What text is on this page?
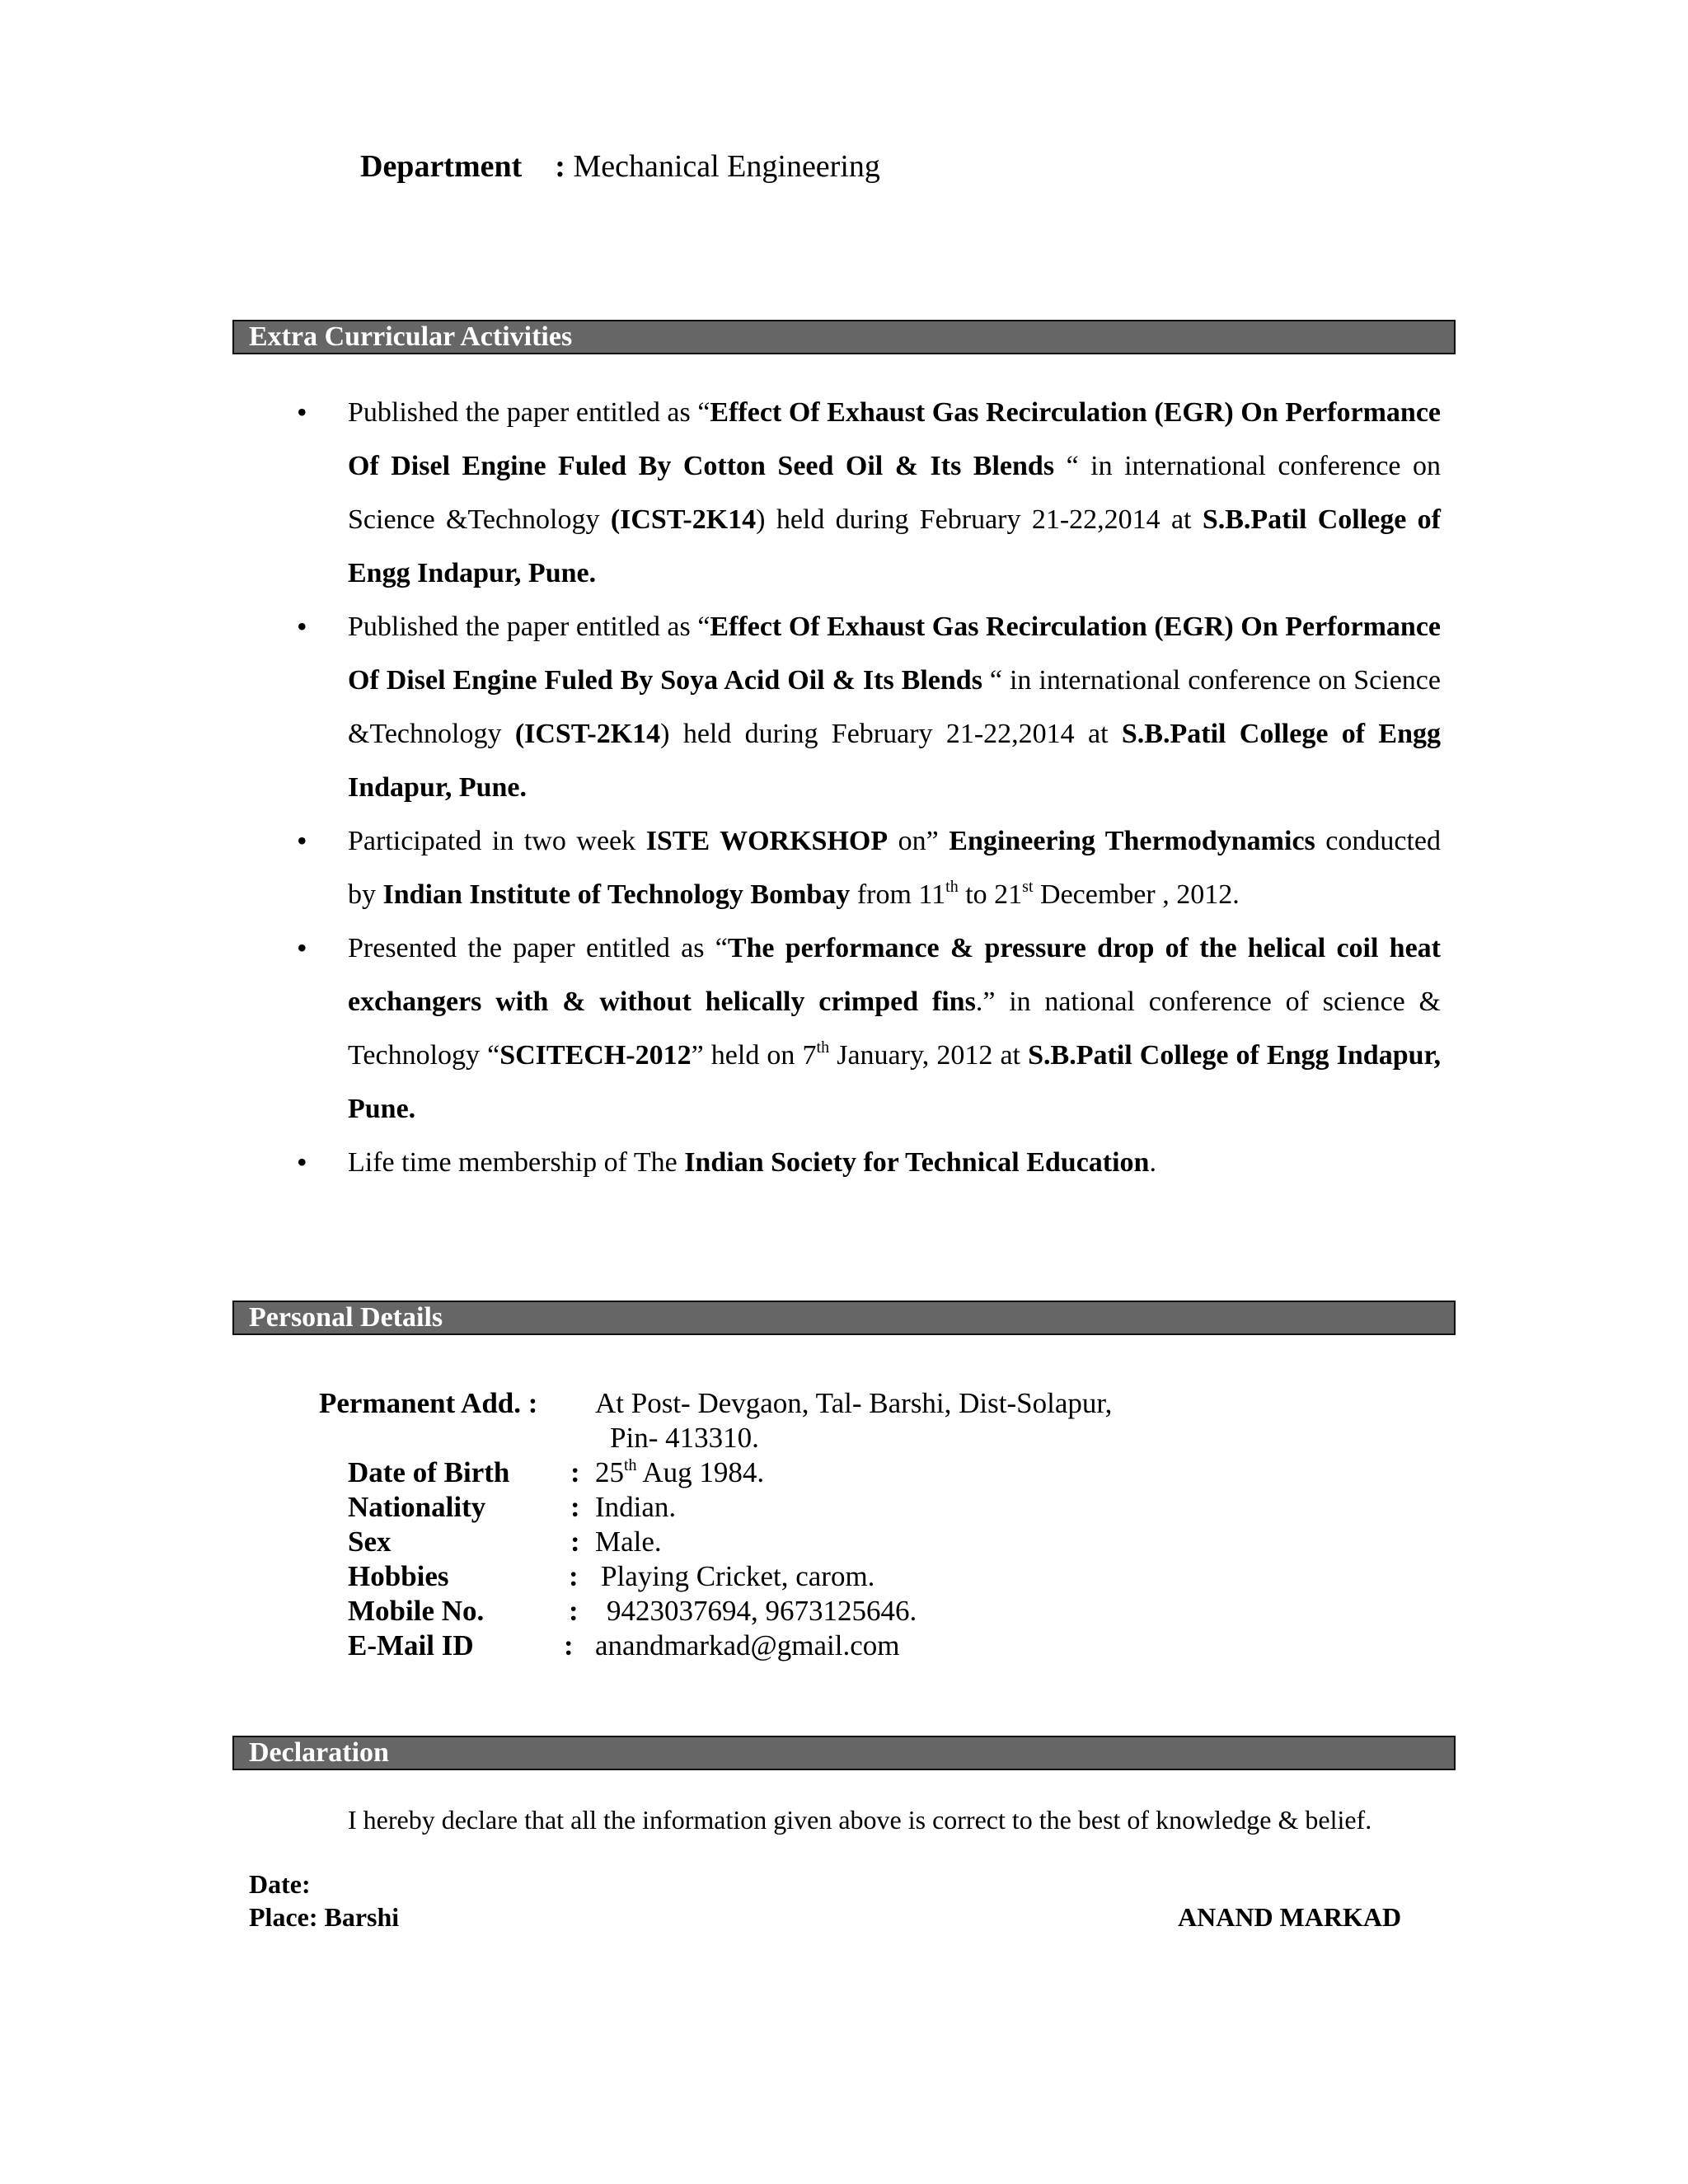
Department : Mechanical Engineering
Extra Curricular Activities
• Published the paper entitled as “Effect Of Exhaust Gas Recirculation (EGR) On Performance Of Disel Engine Fuled By Cotton Seed Oil & Its Blends “ in international conference on Science &Technology (ICST-2K14) held during February 21-22,2014 at S.B.Patil College of Engg Indapur, Pune.
• Published the paper entitled as “Effect Of Exhaust Gas Recirculation (EGR) On Performance Of Disel Engine Fuled By Soya Acid Oil & Its Blends “ in international conference on Science &Technology (ICST-2K14) held during February 21-22,2014 at S.B.Patil College of Engg Indapur, Pune.
• Participated in two week ISTE WORKSHOP on” Engineering Thermodynamics conducted by Indian Institute of Technology Bombay from 11th to 21st December , 2012.
• Presented the paper entitled as “The performance & pressure drop of the helical coil heat exchangers with & without helically crimped fins.” in national conference of science & Technology “SCITECH-2012” held on 7th January, 2012 at S.B.Patil College of Engg Indapur, Pune.
• Life time membership of The Indian Society for Technical Education.
Personal Details
Permanent Add. : At Post- Devgaon, Tal- Barshi, Dist-Solapur,
Pin- 413310.
Date of Birth : 25th Aug 1984.
Nationality	: Indian.
Sex	: Male.
Hobbies	: Playing Cricket, carom.
Mobile No.	: 9423037694, 9673125646.
E-Mail ID	: anandmarkad@gmail.com
Declaration
I hereby declare that all the information given above is correct to the best of knowledge & belief.
Date:
Place: Barshi	ANAND MARKAD
